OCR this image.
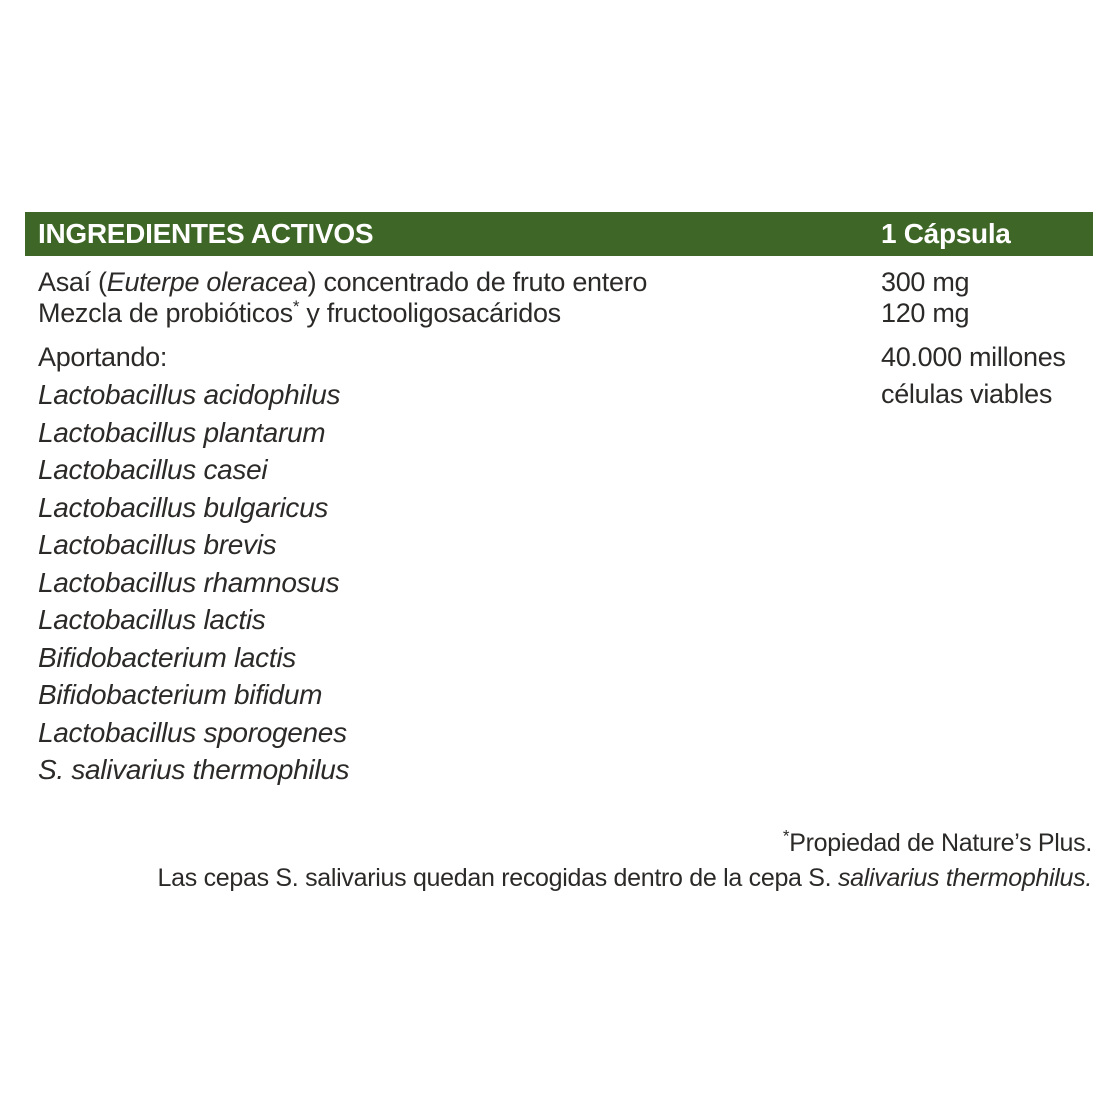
INGREDIENTES ACTIVOS	1 Cápsula
Asaí (Euterpe oleracea) concentrado de fruto entero	300 mg
Mezcla de probióticos* y fructooligosacáridos	120 mg
Aportando:	40.000 millones
células viables
Lactobacillus acidophilus
Lactobacillus plantarum
Lactobacillus casei
Lactobacillus bulgaricus
Lactobacillus brevis
Lactobacillus rhamnosus
Lactobacillus lactis
Bifidobacterium lactis
Bifidobacterium bifidum
Lactobacillus sporogenes
S. salivarius thermophilus
*Propiedad de Nature’s Plus.
Las cepas S. salivarius quedan recogidas dentro de la cepa S. salivarius thermophilus.
